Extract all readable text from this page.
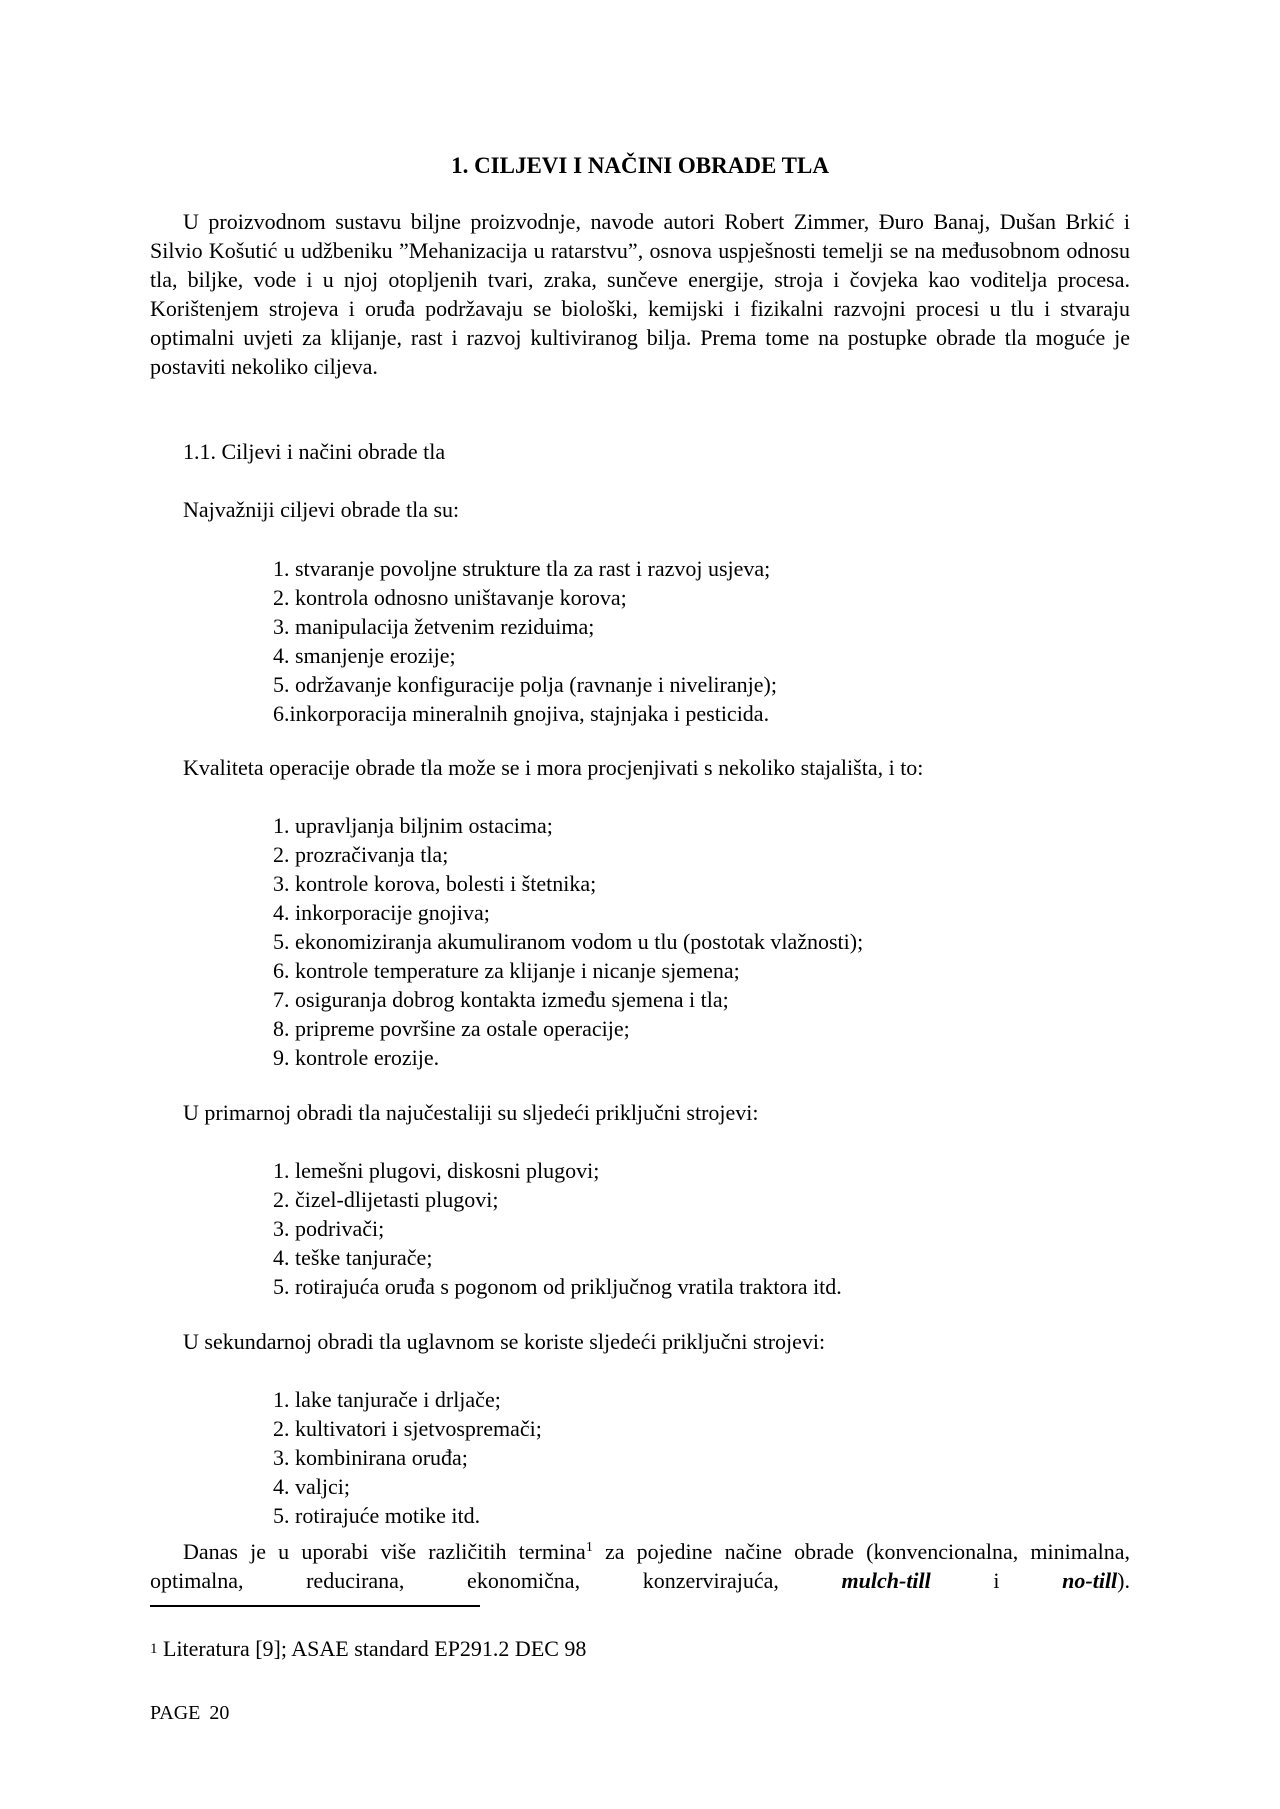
1. CILJEVI I NAČINI OBRADE TLA

U proizvodnom sustavu biljne proizvodnje, navode autori Robert Zimmer, Đuro Banaj, Dušan Brkić i Silvio Košutić u udžbeniku ”Mehanizacija u ratarstvu”, osnova uspješnosti temelji se na međusobnom odnosu tla, biljke, vode i u njoj otopljenih tvari, zraka, sunčeve energije, stroja i čovjeka kao voditelja procesa. Korištenjem strojeva i oruđa podržavaju se biološki, kemijski i fizikalni razvojni procesi u tlu i stvaraju optimalni uvjeti za klijanje, rast i razvoj kultiviranog bilja. Prema tome na postupke obrade tla moguće je postaviti nekoliko ciljeva.

1.1. Ciljevi i načini obrade tla

Najvažniji ciljevi obrade tla su:

1. stvaranje povoljne strukture tla za rast i razvoj usjeva;
2. kontrola odnosno uništavanje korova;
3. manipulacija žetvenim reziduima;
4. smanjenje erozije;
5. održavanje konfiguracije polja (ravnanje i niveliranje);
6.inkorporacija mineralnih gnojiva, stajnjaka i pesticida.

Kvaliteta operacije obrade tla može se i mora procjenjivati s nekoliko stajališta, i to:

1. upravljanja biljnim ostacima;
2. prozračivanja tla;
3. kontrole korova, bolesti i štetnika;
4. inkorporacije gnojiva;
5. ekonomiziranja akumuliranom vodom u tlu (postotak vlažnosti);
6. kontrole temperature za klijanje i nicanje sjemena;
7. osiguranja dobrog kontakta između sjemena i tla;
8. pripreme površine za ostale operacije;
9. kontrole erozije.

U primarnoj obradi tla najučestaliji su sljedeći priključni strojevi:

1. lemešni plugovi, diskosni plugovi;
2. čizel-dlijetasti plugovi;
3. podrivači;
4. teške tanjurače;
5. rotirajuća oruđa s pogonom od priključnog vratila traktora itd.

U sekundarnoj obradi tla uglavnom se koriste sljedeći priključni strojevi:

1. lake tanjurače i drljače;
2. kultivatori i sjetvospremači;
3. kombinirana oruđa;
4. valjci;
5. rotirajuće motike itd.

Danas je u uporabi više različitih termina$^1$ za pojedine načine obrade (konvencionalna, minimalna, optimalna, reducirana, ekonomična, konzervirajuća, mulch-till i no-till).

$^1$ Literatura [9]; ASAE standard EP291.2 DEC 98

PAGE 20
